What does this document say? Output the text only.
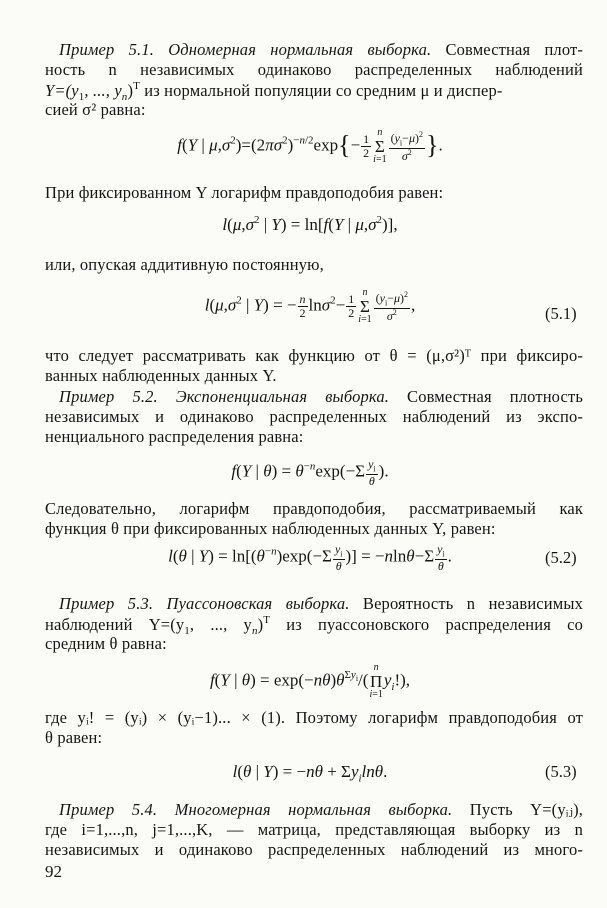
Пример 5.1. Одномерная нормальная выборка. Совместная плот-
ность n независимых одинаково распределенных наблюдений
$Y=(y_1$, ..., $y_n)^T$ из нормальной популяции со средним μ и диспер-
сией σ² равна:
f(Y | $\mu,\sigma^2)=(2\pi\sigma^2)^{-n/2}\exp\{- \frac{1}{2}$
n
Σ
$i=1 \frac{(y_i-\mu)^2}{\sigma^2}$ }.
При фиксированном Y логарифм правдоподобия равен:
$l(\mu,\sigma^2$ | Y) = ln[f(Y | $\mu,\sigma^2$)],
или, опуская аддитивную постоянную,
$l(\mu,\sigma^2$ | Y) = − $\frac{n}{2} \ln\sigma^2- \frac{1}{2}$
n
Σ
$i=1 \frac{(y_i-\mu)^2}{\sigma^2}$ ,	(5.1)
что следует рассматривать как функцию от θ = (μ,σ²)ᵀ при фиксиро-
ванных наблюденных данных Y.
Пример 5.2. Экспоненциальная выборка. Совместная плотность
независимых и одинаково распределенных наблюдений из экспо-
ненциального распределения равна:
f(Y | $\theta) = \theta^{-n}\exp(-\Sigma \frac{y_i}{\theta}$ ).
Следовательно, логарифм правдоподобия, рассматриваемый как
функция θ при фиксированных наблюденных данных Y, равен:
l(θ | $Y) = \ln[(\theta^{-n})\exp(-\Sigma \frac{y_i}{\theta}$ )] = $-nln\theta-\Sigma \frac{y_i}{\theta}$ .	(5.2)
Пример 5.3. Пуассоновская выборка. Вероятность n независимых
наблюдений $Y=(y_1$, ..., $y_n)^T$ из пуассоновского распределения со
средним θ равна:
f(Y | $\theta) = \exp(-n\theta)\theta^{\Sigma y_i}/(n$
Π
$i=1y_i$!),
где yᵢ! = (yᵢ) × (yᵢ−1)... × (1). Поэтому логарифм правдоподобия от
θ равен:
l(θ | $Y) = -n\theta + \Sigma y_i\ln\theta$.	(5.3)
Пример 5.4. Многомерная нормальная выборка. Пусть Y=(yᵢⱼ),
где i=1,...,n, j=1,...,K, — матрица, представляющая выборку из n
независимых и одинаково распределенных наблюдений из много-
92
